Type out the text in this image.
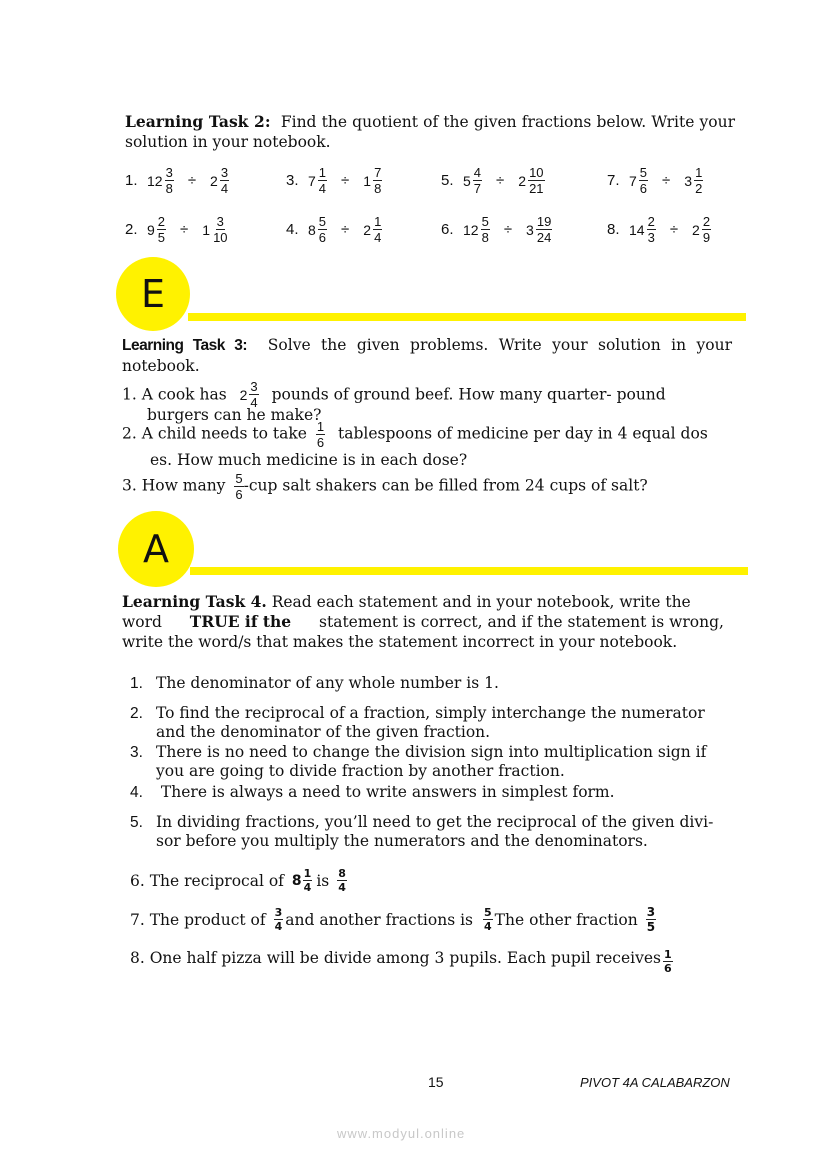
Learning Task 2: Find the quotient of the given fractions below. Write your solution in your notebook.
1. $12 \frac{3}{8} \div 2 \frac{3}{4}$	3. $7 \frac{1}{4} \div 1 \frac{7}{8}$	5. $5 \frac{4}{7} \div 2 \frac{10}{21}$	7. $7 \frac{5}{6} \div 3 \frac{1}{2}$
2. $9 \frac{2}{5} \div 1 \frac{3}{10}$	4. $8 \frac{5}{6} \div 2 \frac{1}{4}$	6. $12 \frac{5}{8} \div 3 \frac{19}{24}$	8. $14 \frac{2}{3} \div 2 \frac{2}{9}$
E
Learning Task 3: Solve the given problems. Write your solution in your notebook.
1. A cook has $2 \frac{3}{4}$ pounds of ground beef. How many quarter- pound
burgers can he make?
2. A child needs to take $\frac{1}{6}$ tablespoons of medicine per day in 4 equal dos
es. How much medicine is in each dose?
3. How many $\frac{5}{6} -cup$ salt shakers can be filled from 24 cups of salt?
A
Learning Task 4. Read each statement and in your notebook, write the
word TRUE if the statement is correct, and if the statement is wrong,
write the word/s that makes the statement incorrect in your notebook.
1. The denominator of any whole number is 1.
2. To find the reciprocal of a fraction, simply interchange the numerator
and the denominator of the given fraction.
3. There is no need to change the division sign into multiplication sign if
you are going to divide fraction by another fraction.
4. There is always a need to write answers in simplest form.
5. In dividing fractions, you’ll need to get the reciprocal of the given divi-
sor before you multiply the numerators and the denominators.
6. The reciprocal of $8 \frac{1}{4}$ is $\frac{8}{4}$
7. The product of $\frac{3}{4}$ and another fractions is $\frac{5}{4}$ The other fraction $\frac{3}{5}$
8. One half pizza will be divide among 3 pupils. Each pupil receives $\frac{1}{6}$
15	PIVOT 4A CALABARZON
www.modyul.online
